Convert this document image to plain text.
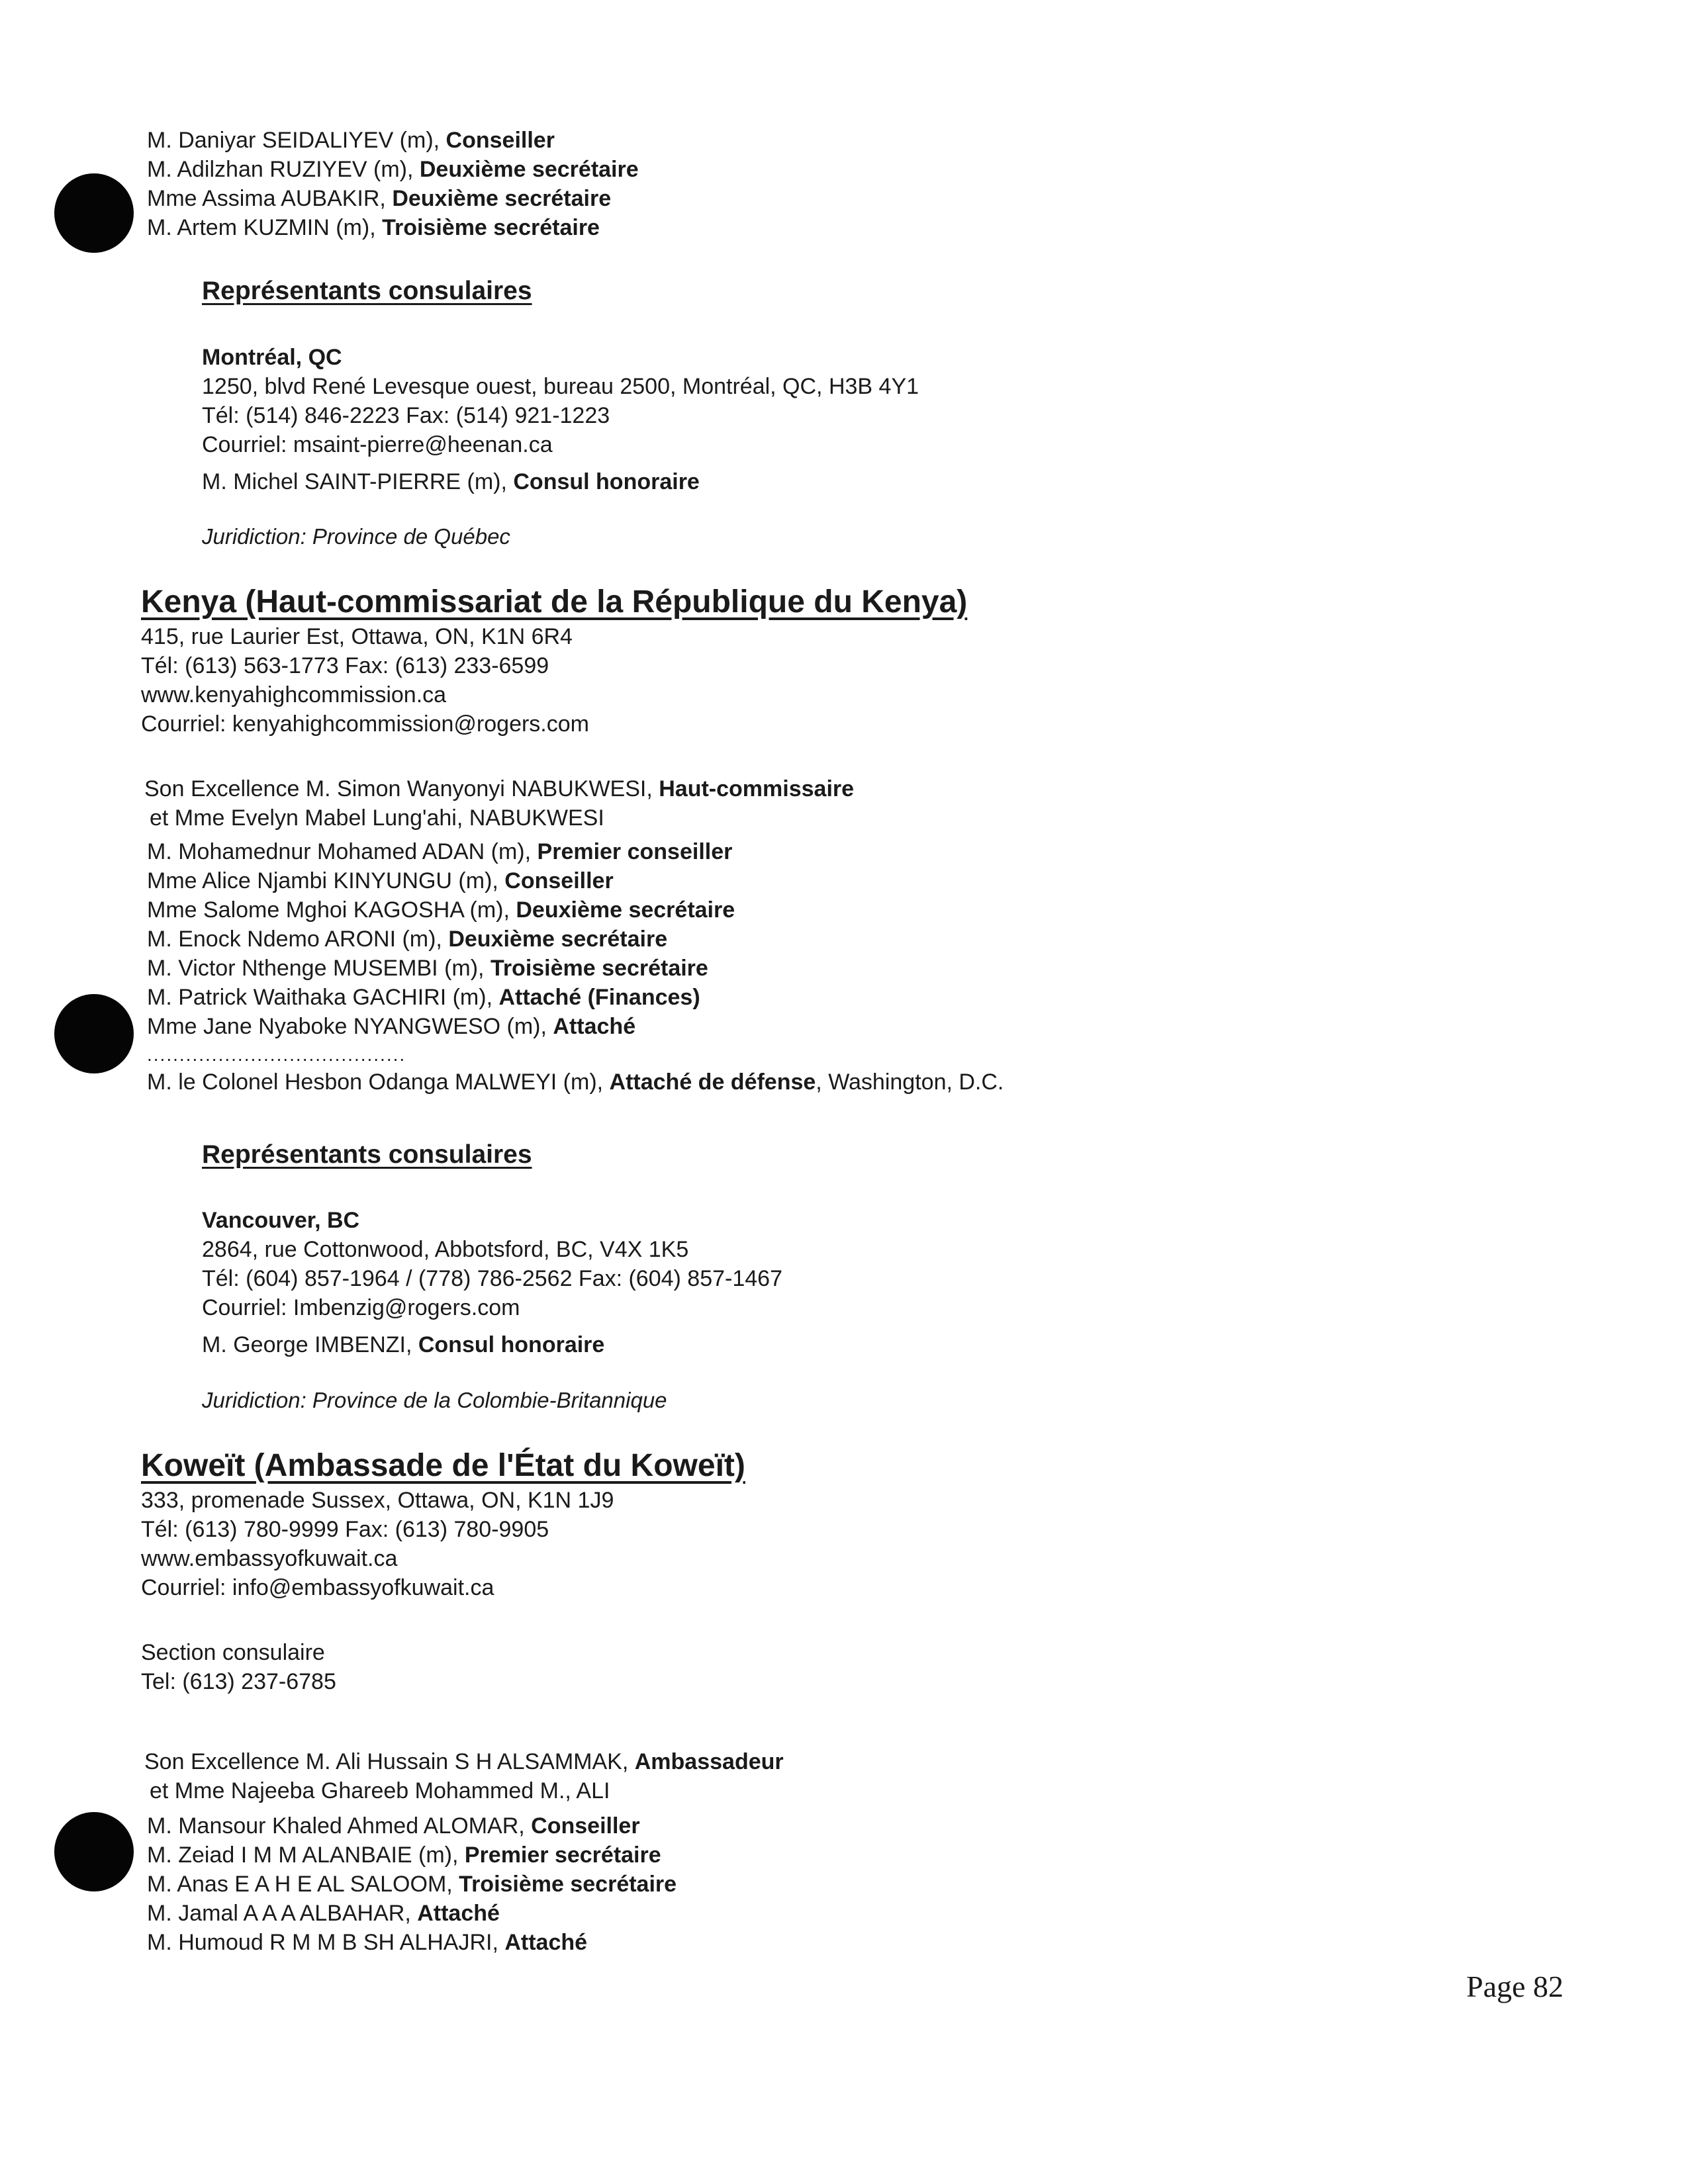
M. Daniyar SEIDALIYEV (m), Conseiller
M. Adilzhan RUZIYEV (m), Deuxième secrétaire
Mme Assima AUBAKIR, Deuxième secrétaire
M. Artem KUZMIN (m), Troisième secrétaire
Représentants consulaires
Montréal, QC
1250, blvd René Levesque ouest, bureau 2500, Montréal, QC, H3B 4Y1
Tél: (514) 846-2223 Fax: (514) 921-1223
Courriel: msaint-pierre@heenan.ca
M. Michel SAINT-PIERRE (m), Consul honoraire
Juridiction: Province de Québec
Kenya (Haut-commissariat de la République du Kenya)
415, rue Laurier Est, Ottawa, ON, K1N 6R4
Tél: (613) 563-1773 Fax: (613) 233-6599
www.kenyahighcommission.ca
Courriel: kenyahighcommission@rogers.com
Son Excellence M. Simon Wanyonyi NABUKWESI, Haut-commissaire
et Mme Evelyn Mabel Lung'ahi, NABUKWESI
M. Mohamednur Mohamed ADAN (m), Premier conseiller
Mme Alice Njambi KINYUNGU (m), Conseiller
Mme Salome Mghoi KAGOSHA (m), Deuxième secrétaire
M. Enock Ndemo ARONI (m), Deuxième secrétaire
M. Victor Nthenge MUSEMBI (m), Troisième secrétaire
M. Patrick Waithaka GACHIRI (m), Attaché (Finances)
Mme Jane Nyaboke NYANGWESO (m), Attaché
........................................
M. le Colonel Hesbon Odanga MALWEYI (m), Attaché de défense, Washington, D.C.
Représentants consulaires
Vancouver, BC
2864, rue Cottonwood, Abbotsford, BC, V4X 1K5
Tél: (604) 857-1964 / (778) 786-2562 Fax: (604) 857-1467
Courriel: Imbenzig@rogers.com
M. George IMBENZI, Consul honoraire
Juridiction: Province de la Colombie-Britannique
Koweït (Ambassade de l'État du Koweït)
333, promenade Sussex, Ottawa, ON, K1N 1J9
Tél: (613) 780-9999 Fax: (613) 780-9905
www.embassyofkuwait.ca
Courriel: info@embassyofkuwait.ca
Section consulaire
Tel: (613) 237-6785
Son Excellence M. Ali Hussain S H ALSAMMAK, Ambassadeur
et Mme Najeeba Ghareeb Mohammed M., ALI
M. Mansour Khaled Ahmed ALOMAR, Conseiller
M. Zeiad I M M ALANBAIE (m), Premier secrétaire
M. Anas E A H E AL SALOOM, Troisième secrétaire
M. Jamal A A A ALBAHAR, Attaché
M. Humoud R M M B SH ALHAJRI, Attaché
Page 82
